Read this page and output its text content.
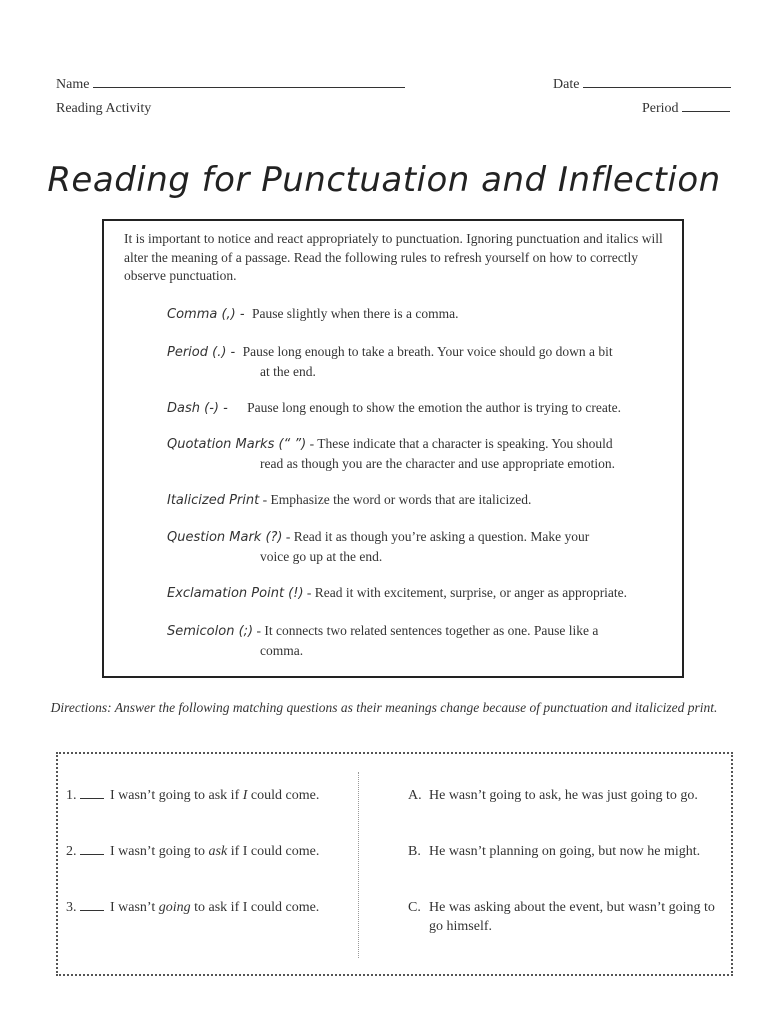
Name	Date
Reading Activity	Period
Reading for Punctuation and Inflection
It is important to notice and react appropriately to punctuation. Ignoring punctuation and italics will alter the meaning of a passage. Read the following rules to refresh yourself on how to correctly observe punctuation.
Comma (,) - Pause slightly when there is a comma.
Period (.) - Pause long enough to take a breath. Your voice should go down a bit
at the end.
Dash (-) - Pause long enough to show the emotion the author is trying to create.
Quotation Marks (“ ”) - These indicate that a character is speaking. You should
read as though you are the character and use appropriate emotion.
Italicized Print - Emphasize the word or words that are italicized.
Question Mark (?) - Read it as though you’re asking a question. Make your
voice go up at the end.
Exclamation Point (!) - Read it with excitement, surprise, or anger as appropriate.
Semicolon (;) - It connects two related sentences together as one. Pause like a
comma.
Directions: Answer the following matching questions as their meanings change because of punctuation and italicized print.
1. I wasn’t going to ask if I could come.
2. I wasn’t going to ask if I could come.
3. I wasn’t going to ask if I could come.
A. He wasn’t going to ask, he was just going to go.
B. He wasn’t planning on going, but now he might.
C. He was asking about the event, but wasn’t going to
go himself.
